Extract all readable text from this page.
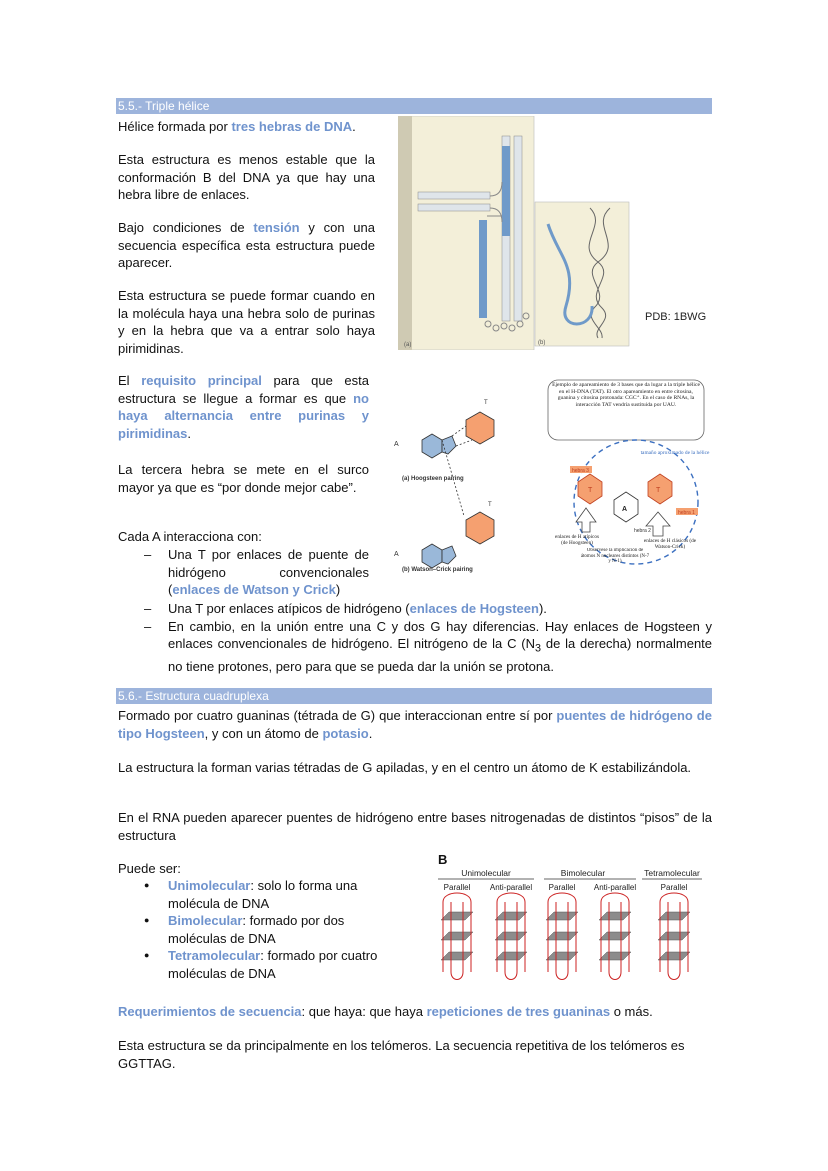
5.5.- Triple hélice

Hélice formada por tres hebras de DNA.

Esta estructura es menos estable que la conformación B del DNA ya que hay una hebra libre de enlaces.

Bajo condiciones de tensión y con una secuencia específica esta estructura puede aparecer.

Esta estructura se puede formar cuando en la molécula haya una hebra solo de purinas y en la hebra que va a entrar solo haya pirimidinas.

El requisito principal para que esta estructura se llegue a formar es que no haya alternancia entre purinas y pirimidinas.

La tercera hebra se mete en el surco mayor ya que es “por donde mejor cabe”.

Cada A interacciona con:

– Una T por enlaces de puente de hidrógeno convencionales (enlaces de Watson y Crick)
– Una T por enlaces atípicos de hidrógeno (enlaces de Hogsteen).
– En cambio, en la unión entre una C y dos G hay diferencias. Hay enlaces de Hogsteen y enlaces convencionales de hidrógeno. El nitrógeno de la C ($N_3$ de la derecha) normalmente no tiene protones, pero para que se pueda dar la unión se protona.
(a)	(b)
PDB: 1BWG
A
T
A
T
(a) Hoogsteen pairing
(b) Watson–Crick pairing
Ejemplo de apareamiento de 3 bases que da lugar a la triple hélice en el H-DNA (TAT). El otro apareamiento en entre citosina, guanina y citosina protonada: CGC⁺. En el caso de RNAs, la interacción TAT vendría sustituida por UAU.
tamaño aproximado de la hélice
T	T
A
hebra 3
hebra 1
hebra 2
enlaces de H atípicos (de Hoogsteen)	enlaces de H clásicos (de Watson-Crick)
Obsérvese la implicación de átomos N nucleares distintos (N-7 y N-1)
5.6.- Estructura cuadruplexa

Formado por cuatro guaninas (tétrada de G) que interaccionan entre sí por puentes de hidrógeno de tipo Hogsteen, y con un átomo de potasio.

La estructura la forman varias tétradas de G apiladas, y en el centro un átomo de K estabilizándola.

En el RNA pueden aparecer puentes de hidrógeno entre bases nitrogenadas de distintos “pisos” de la estructura

Puede ser:

● Unimolecular: solo lo forma una molécula de DNA
● Bimolecular: formado por dos moléculas de DNA
● Tetramolecular: formado por cuatro moléculas de DNA
B
Unimolecular	Bimolecular	Tetramolecular
Parallel Anti-parallel Parallel Anti-parallel	Parallel

Requerimientos de secuencia: que haya: que haya repeticiones de tres guaninas o más.

Esta estructura se da principalmente en los telómeros. La secuencia repetitiva de los telómeros es GGTTAG.
